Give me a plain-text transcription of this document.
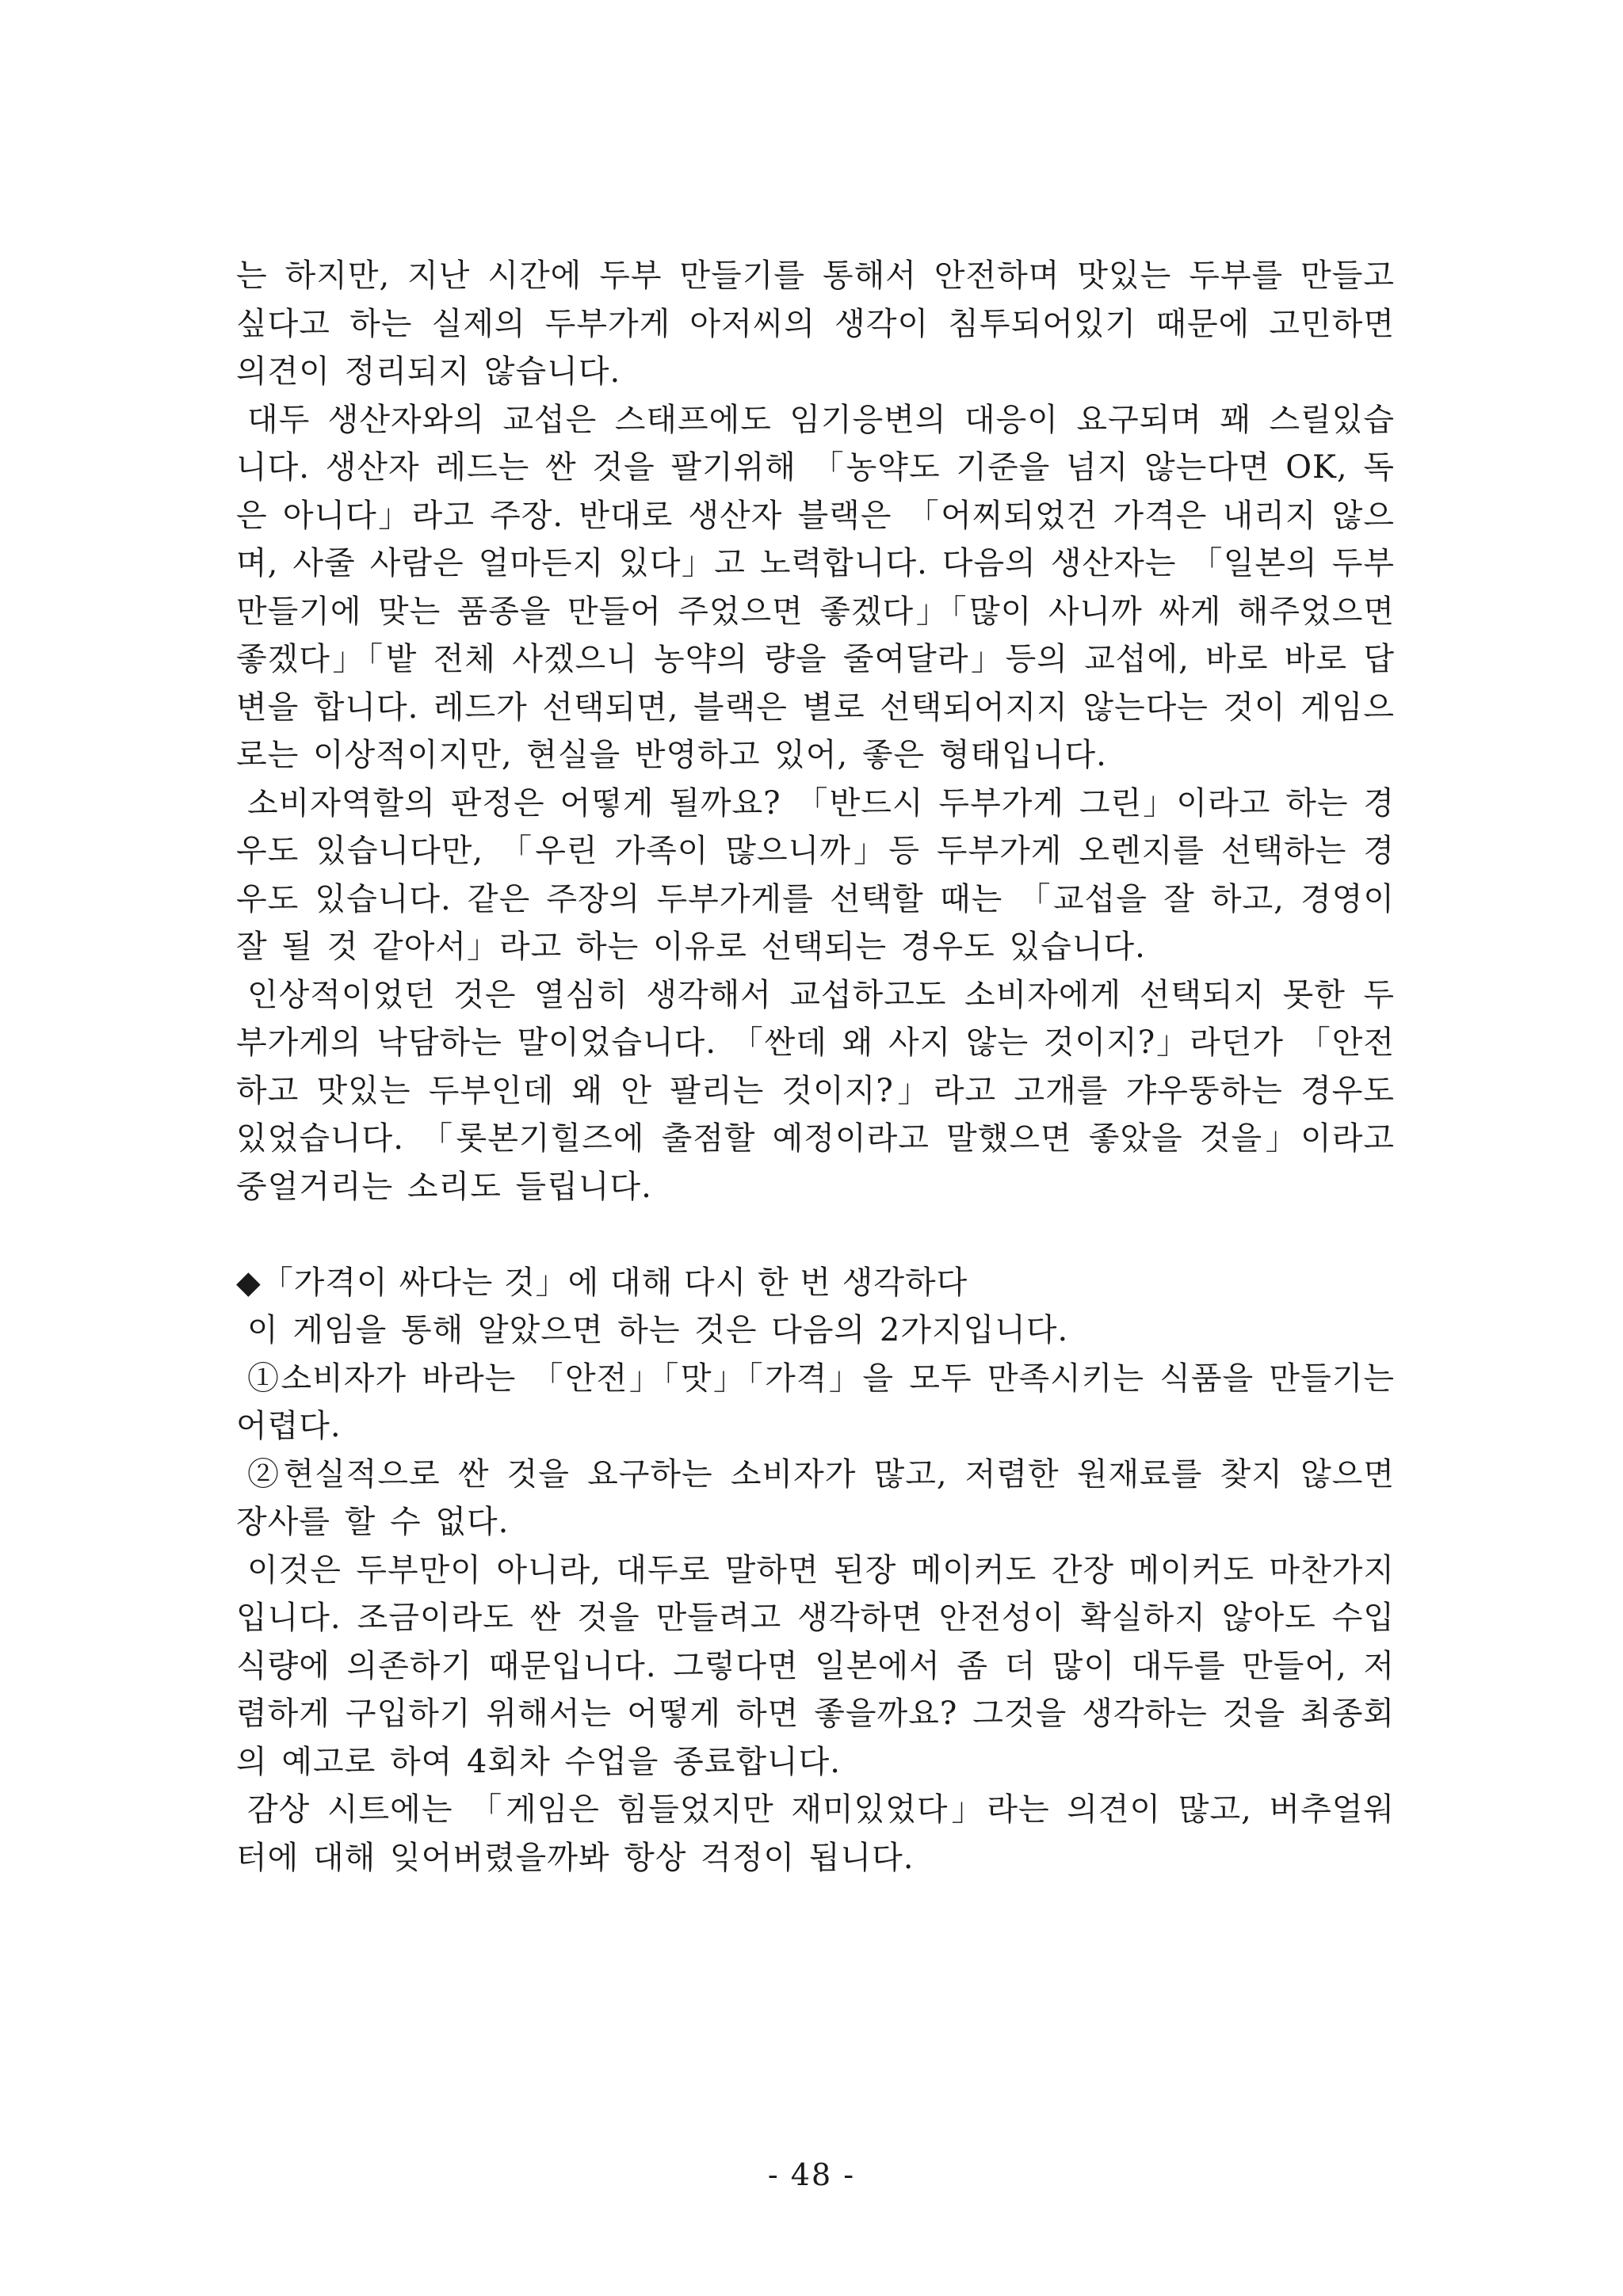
는 하지만, 지난 시간에 두부 만들기를 통해서 안전하며 맛있는 두부를 만들고 싶다고 하는 실제의 두부가게 아저씨의 생각이 침투되어있기 때문에 고민하면 의견이 정리되지 않습니다.

대두 생산자와의 교섭은 스태프에도 임기응변의 대응이 요구되며 꽤 스릴있습니다. 생산자 레드는 싼 것을 팔기위해 「농약도 기준을 넘지 않는다면 OK, 독은 아니다」라고 주장. 반대로 생산자 블랙은 「어찌되었건 가격은 내리지 않으며, 사줄 사람은 얼마든지 있다」고 노력합니다. 다음의 생산자는 「일본의 두부 만들기에 맞는 품종을 만들어 주었으면 좋겠다」「많이 사니까 싸게 해주었으면 좋겠다」「밭 전체 사겠으니 농약의 량을 줄여달라」등의 교섭에, 바로 바로 답변을 합니다. 레드가 선택되면, 블랙은 별로 선택되어지지 않는다는 것이 게임으로는 이상적이지만, 현실을 반영하고 있어, 좋은 형태입니다.

소비자역할의 판정은 어떻게 될까요? 「반드시 두부가게 그린」이라고 하는 경우도 있습니다만, 「우린 가족이 많으니까」등 두부가게 오렌지를 선택하는 경우도 있습니다. 같은 주장의 두부가게를 선택할 때는 「교섭을 잘 하고, 경영이 잘 될 것 같아서」라고 하는 이유로 선택되는 경우도 있습니다.

인상적이었던 것은 열심히 생각해서 교섭하고도 소비자에게 선택되지 못한 두부가게의 낙담하는 말이었습니다. 「싼데 왜 사지 않는 것이지?」라던가 「안전하고 맛있는 두부인데 왜 안 팔리는 것이지?」라고 고개를 갸우뚱하는 경우도 있었습니다. 「롯본기힐즈에 출점할 예정이라고 말했으면 좋았을 것을」이라고 중얼거리는 소리도 들립니다.

◆「가격이 싸다는 것」에 대해 다시 한 번 생각하다

이 게임을 통해 알았으면 하는 것은 다음의 2가지입니다.

①소비자가 바라는 「안전」「맛」「가격」을 모두 만족시키는 식품을 만들기는 어렵다.

②현실적으로 싼 것을 요구하는 소비자가 많고, 저렴한 원재료를 찾지 않으면 장사를 할 수 없다.

이것은 두부만이 아니라, 대두로 말하면 된장 메이커도 간장 메이커도 마찬가지입니다. 조금이라도 싼 것을 만들려고 생각하면 안전성이 확실하지 않아도 수입 식량에 의존하기 때문입니다. 그렇다면 일본에서 좀 더 많이 대두를 만들어, 저렴하게 구입하기 위해서는 어떻게 하면 좋을까요? 그것을 생각하는 것을 최종회의 예고로 하여 4회차 수업을 종료합니다.

감상 시트에는 「게임은 힘들었지만 재미있었다」라는 의견이 많고, 버추얼워터에 대해 잊어버렸을까봐 항상 걱정이 됩니다.

- 48 -
